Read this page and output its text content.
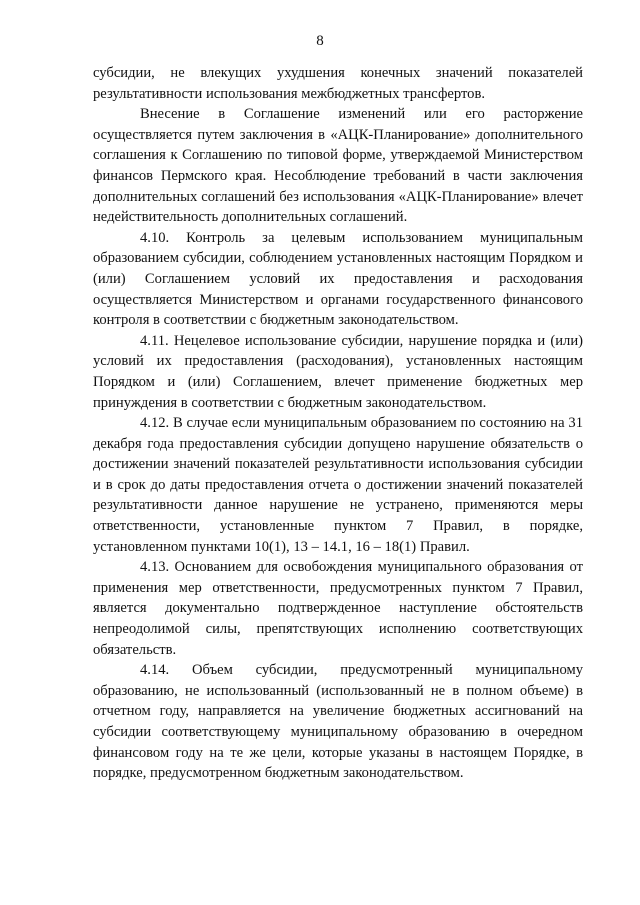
8

субсидии, не влекущих ухудшения конечных значений показателей результативности использования межбюджетных трансфертов.

Внесение в Соглашение изменений или его расторжение осуществляется путем заключения в «АЦК-Планирование» дополнительного соглашения к Соглашению по типовой форме, утверждаемой Министерством финансов Пермского края. Несоблюдение требований в части заключения дополнительных соглашений без использования «АЦК-Планирование» влечет недействительность дополнительных соглашений.

4.10. Контроль за целевым использованием муниципальным образованием субсидии, соблюдением установленных настоящим Порядком и (или) Соглашением условий их предоставления и расходования осуществляется Министерством и органами государственного финансового контроля в соответствии с бюджетным законодательством.

4.11. Нецелевое использование субсидии, нарушение порядка и (или) условий их предоставления (расходования), установленных настоящим Порядком и (или) Соглашением, влечет применение бюджетных мер принуждения в соответствии с бюджетным законодательством.

4.12. В случае если муниципальным образованием по состоянию на 31 декабря года предоставления субсидии допущено нарушение обязательств о достижении значений показателей результативности использования субсидии и в срок до даты предоставления отчета о достижении значений показателей результативности данное нарушение не устранено, применяются меры ответственности, установленные пунктом 7 Правил, в порядке, установленном пунктами 10(1), 13 – 14.1, 16 – 18(1) Правил.

4.13. Основанием для освобождения муниципального образования от применения мер ответственности, предусмотренных пунктом 7 Правил, является документально подтвержденное наступление обстоятельств непреодолимой силы, препятствующих исполнению соответствующих обязательств.

4.14. Объем субсидии, предусмотренный муниципальному образованию, не использованный (использованный не в полном объеме) в отчетном году, направляется на увеличение бюджетных ассигнований на субсидии соответствующему муниципальному образованию в очередном финансовом году на те же цели, которые указаны в настоящем Порядке, в порядке, предусмотренном бюджетным законодательством.
